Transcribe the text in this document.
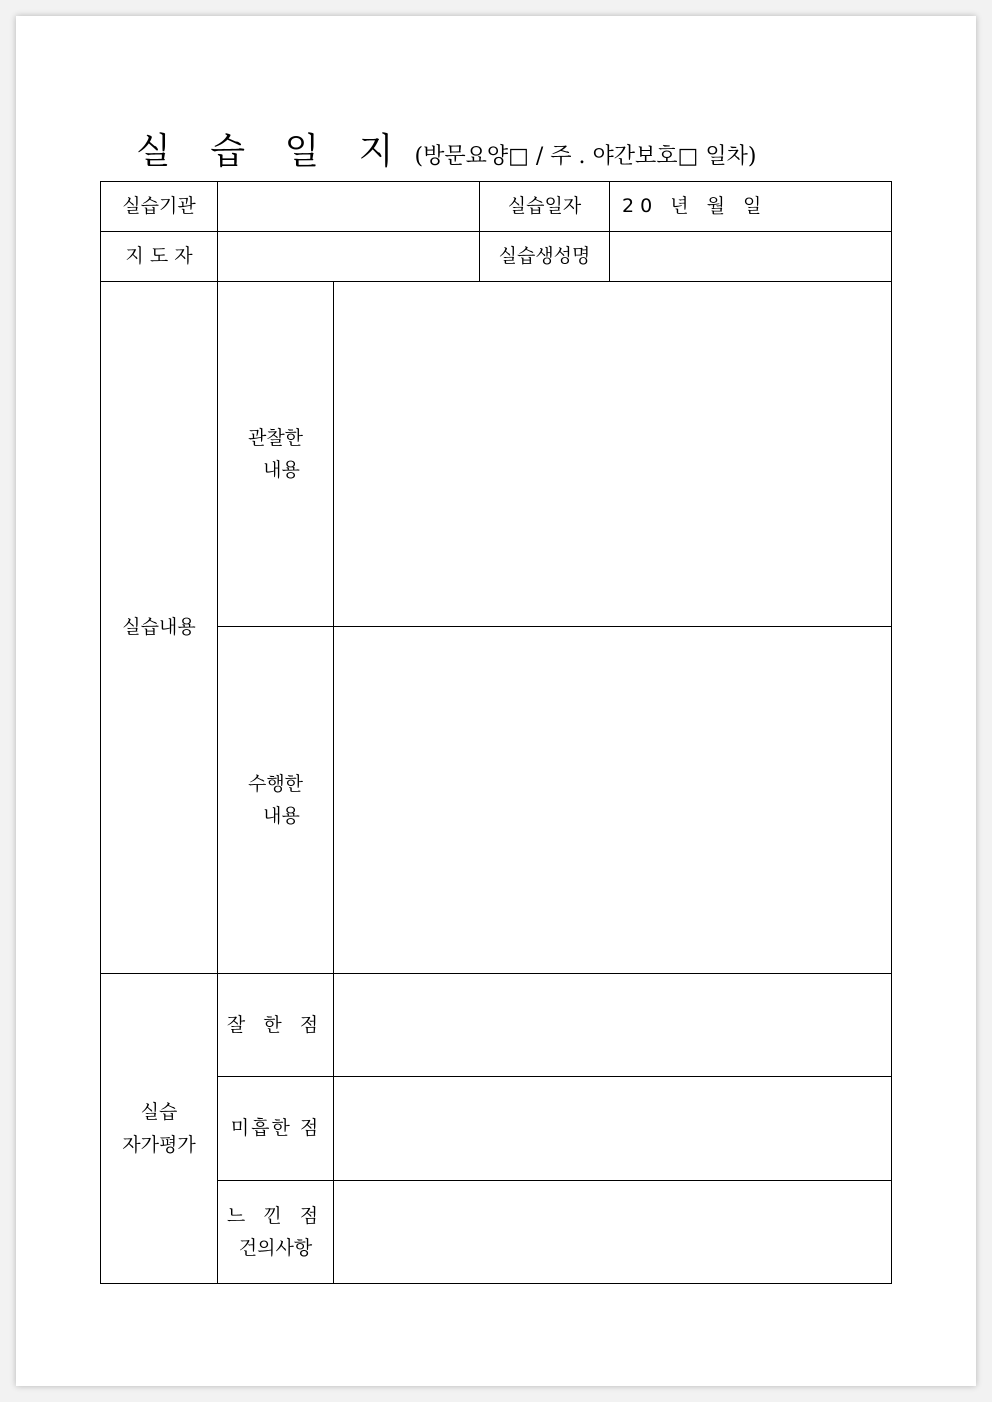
실 습 일 지 (방문요양□ / 주 . 야간보호□ 일차)
실습기관			실습일자	20 년 월 일
지 도 자			실습생성명	
실습내용	관찰한
내용			

	수행한
내용			

실습
자가평가	잘 한 점			
	미흡한 점			

	느 낀 점
건의사항			
